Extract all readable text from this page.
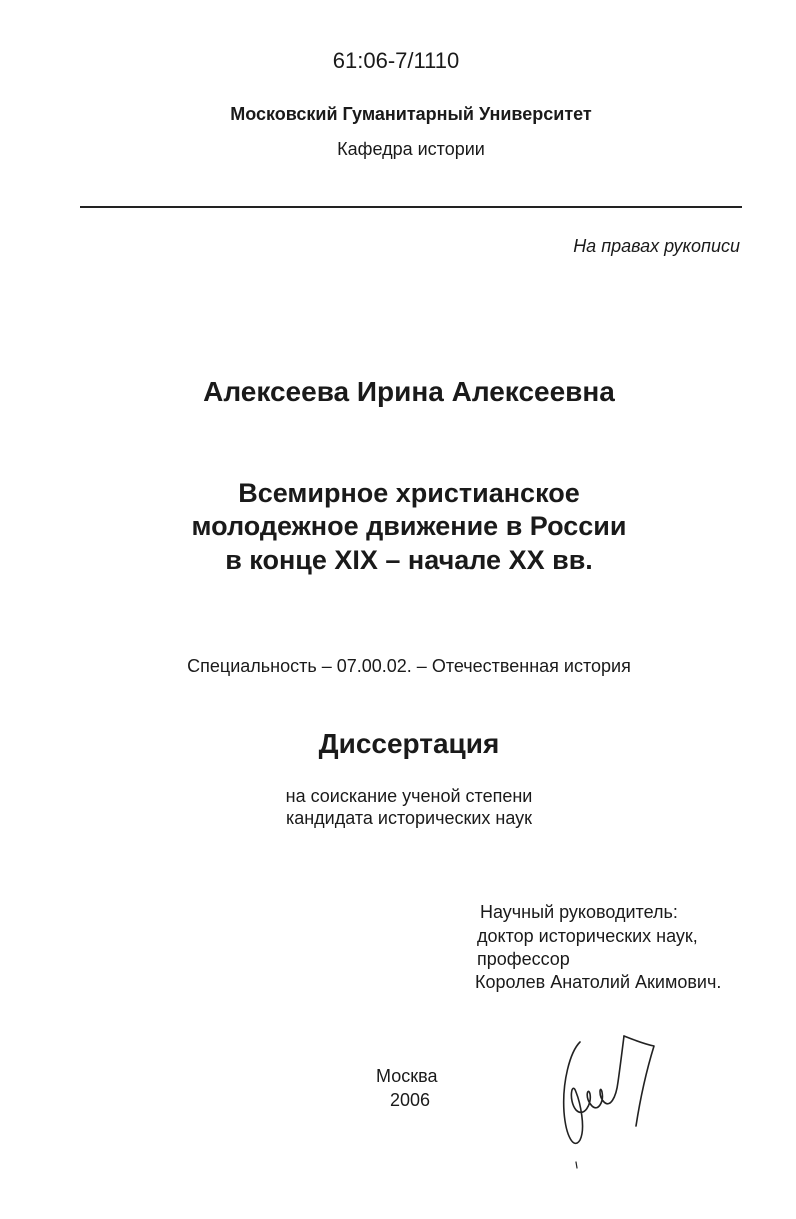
61:06-7/1110
Московский Гуманитарный Университет
Кафедра истории
На правах рукописи
Алексеева Ирина Алексеевна
Всемирное христианское
молодежное движение в России
в конце XIX – начале XX вв.
Специальность – 07.00.02. – Отечественная история
Диссертация
на соискание ученой степени
кандидата исторических наук
Научный руководитель:
доктор исторических наук,
профессор
Королев Анатолий Акимович.
Москва
2006
